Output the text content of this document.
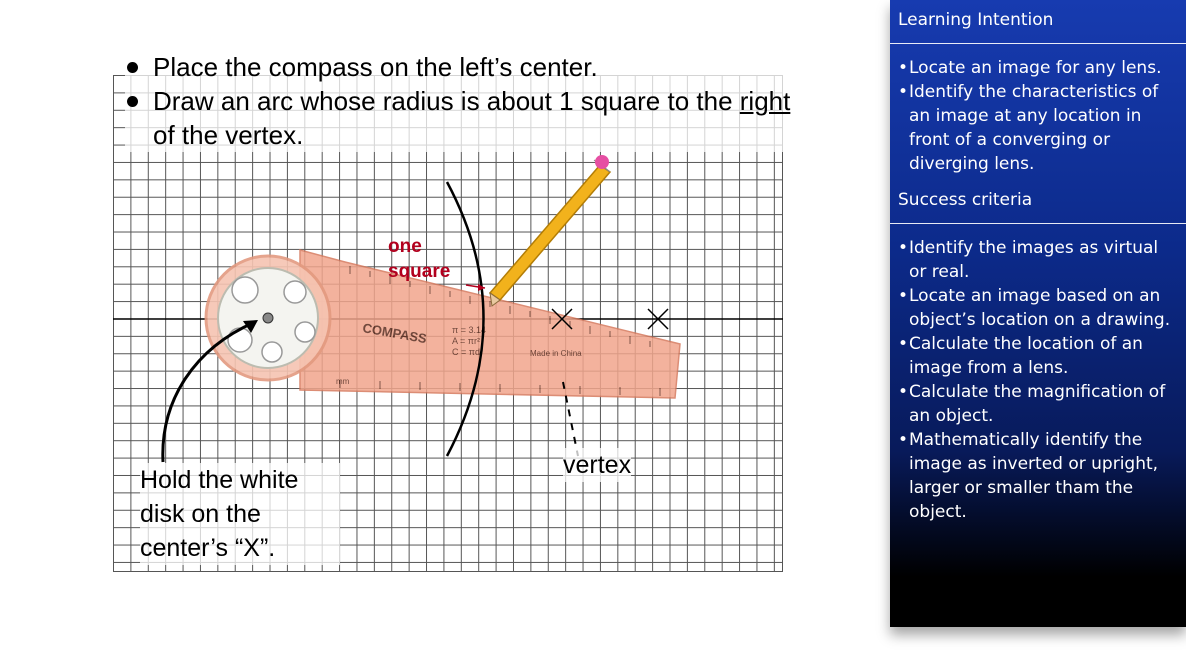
COMPASS	π = 3.14
A = πr²
C = πd	Made in China
mm
Place the compass on the left’s center.
Draw an arc whose radius is about 1 square to the right of the vertex.
one square
Hold the white disk on the center’s “X”.
vertex
Learning Intention
• Locate an image for any lens.
• Identify the characteristics of an image at any location in front of a converging or diverging lens.
Success criteria
• Identify the images as virtual or real.
• Locate an image based on an object’s location on a drawing.
• Calculate the location of an image from a lens.
• Calculate the magnification of an object.
• Mathematically identify the image as inverted or upright, larger or smaller tham the object.
